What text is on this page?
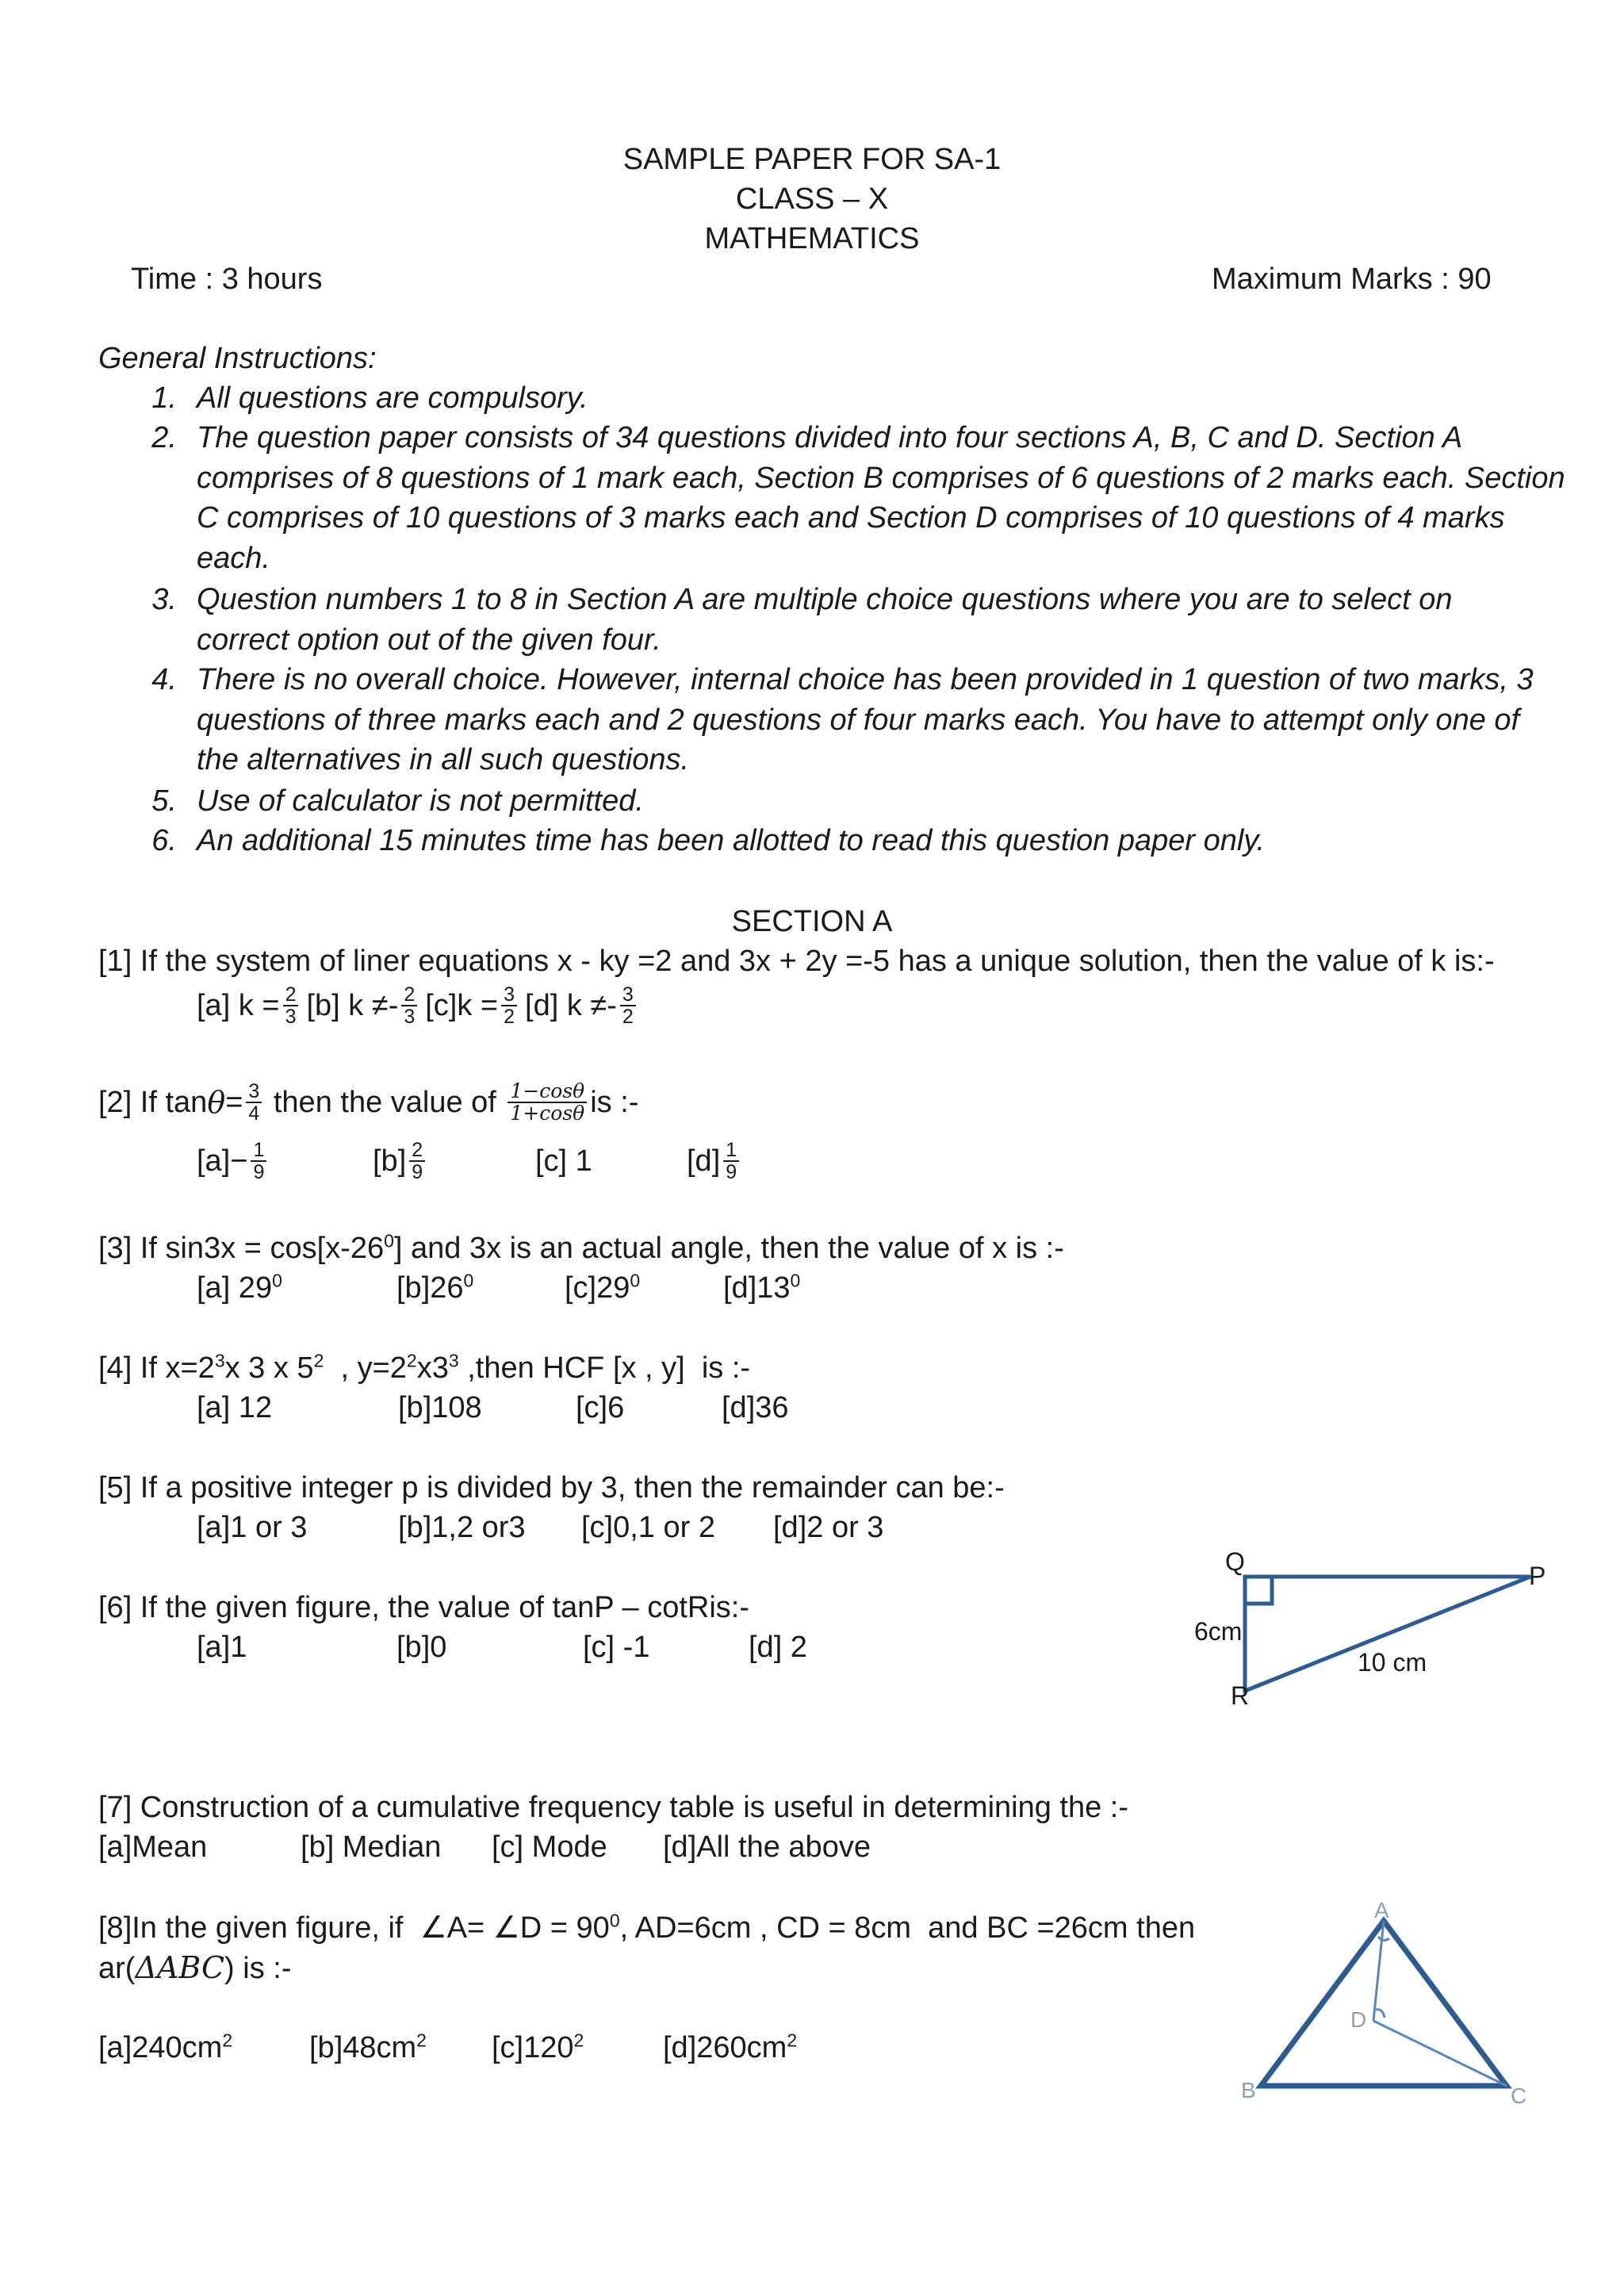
SAMPLE PAPER FOR SA-1
CLASS – X
MATHEMATICS
Time : 3 hours	Maximum Marks : 90
General Instructions:
1. All questions are compulsory.
2. The question paper consists of 34 questions divided into four sections A, B, C and D. Section A
comprises of 8 questions of 1 mark each, Section B comprises of 6 questions of 2 marks each. Section
C comprises of 10 questions of 3 marks each and Section D comprises of 10 questions of 4 marks
each.
3. Question numbers 1 to 8 in Section A are multiple choice questions where you are to select on
correct option out of the given four.
4. There is no overall choice. However, internal choice has been provided in 1 question of two marks, 3
questions of three marks each and 2 questions of four marks each. You have to attempt only one of
the alternatives in all such questions.
5. Use of calculator is not permitted.
6. An additional 15 minutes time has been allotted to read this question paper only.
SECTION A
[1] If the system of liner equations x - ky =2 and 3x + 2y =-5 has a unique solution, then the value of k is:-
[a] $k = \frac{2}{3} [b] k \ne- \frac{2}{3} [c]k = \frac{3}{2} [d] k \ne- \frac{3}{2}$
[2] If $\tan \theta = \frac{3}{4}$ then the value of $\frac{1-\cos\theta}{1+\cos\theta}$ is :-
$[a]- \frac{1}{9}$	$[b] \frac{2}{9}$	[c] 1	$[d] \frac{1}{9}$
[3] If $\sin 3x = \cos[x-26^0]$ and 3x is an actual angle, then the value of x is :-
[a] $29^0$	$[b]26^0$	$[c]29^0$	$[d]13^0$
[4] If $x=2^3x$ 3 x $5^2$  , $y=2^2x3^3$ ,then HCF [x , y]  is :-
[a] 12	[b]108	[c]6	[d]36
[5] If a positive integer p is divided by 3, then the remainder can be:-
[a]1 or 3	[b]1,2 or3 [c]0,1 or 2 [d]2 or 3
[6] If the given figure, the value of tanP – cotRis:-
[a]1	[b]0	[c] -1	[d] 2
Q	P
R
6cm
10 cm
[7] Construction of a cumulative frequency table is useful in determining the :-
[a]Mean	[b] Median [c] Mode [d]All the above
[8]In the given figure, if  ∠A= ∠D = $90^0$, AD=6cm , CD = 8cm  and BC =26cm then
ar(ΔABC) is :-
$[a]240cm^2$	$[b]48cm^2$ $[c]120^2$	$[d]260cm^2$
A
B	C
D
